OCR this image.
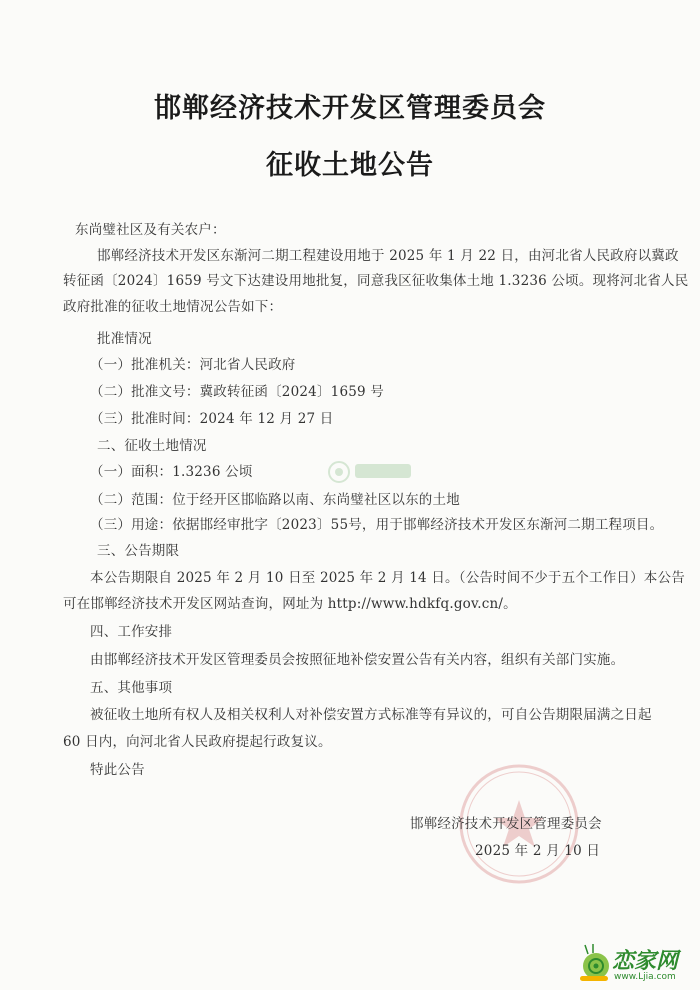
邯郸经济技术开发区管理委员会
征收土地公告
东尚璧社区及有关农户：
邯郸经济技术开发区东渐河二期工程建设用地于 2025 年 1 月 22 日，由河北省人民政府以冀政
转征函〔2024〕1659 号文下达建设用地批复，同意我区征收集体土地 1.3236 公顷。现将河北省人民
政府批准的征收土地情况公告如下：
批准情况
（一）批准机关：河北省人民政府
（二）批准文号：冀政转征函〔2024〕1659 号
（三）批准时间：2024 年 12 月 27 日
二、征收土地情况
（一）面积：1.3236 公顷
（二）范围：位于经开区邯临路以南、东尚璧社区以东的土地
（三）用途：依据邯经审批字〔2023〕55号，用于邯郸经济技术开发区东渐河二期工程项目。
三、公告期限
本公告期限自 2025 年 2 月 10 日至 2025 年 2 月 14 日。（公告时间不少于五个工作日）本公告
可在邯郸经济技术开发区网站查询，网址为 http://www.hdkfq.gov.cn/。
四、工作安排
由邯郸经济技术开发区管理委员会按照征地补偿安置公告有关内容，组织有关部门实施。
五、其他事项
被征收土地所有权人及相关权利人对补偿安置方式标准等有异议的，可自公告期限届满之日起
60 日内，向河北省人民政府提起行政复议。
特此公告
邯郸经济技术开发区管理委员会
2025 年 2 月 10 日
恋家网
www.Ljia.com
